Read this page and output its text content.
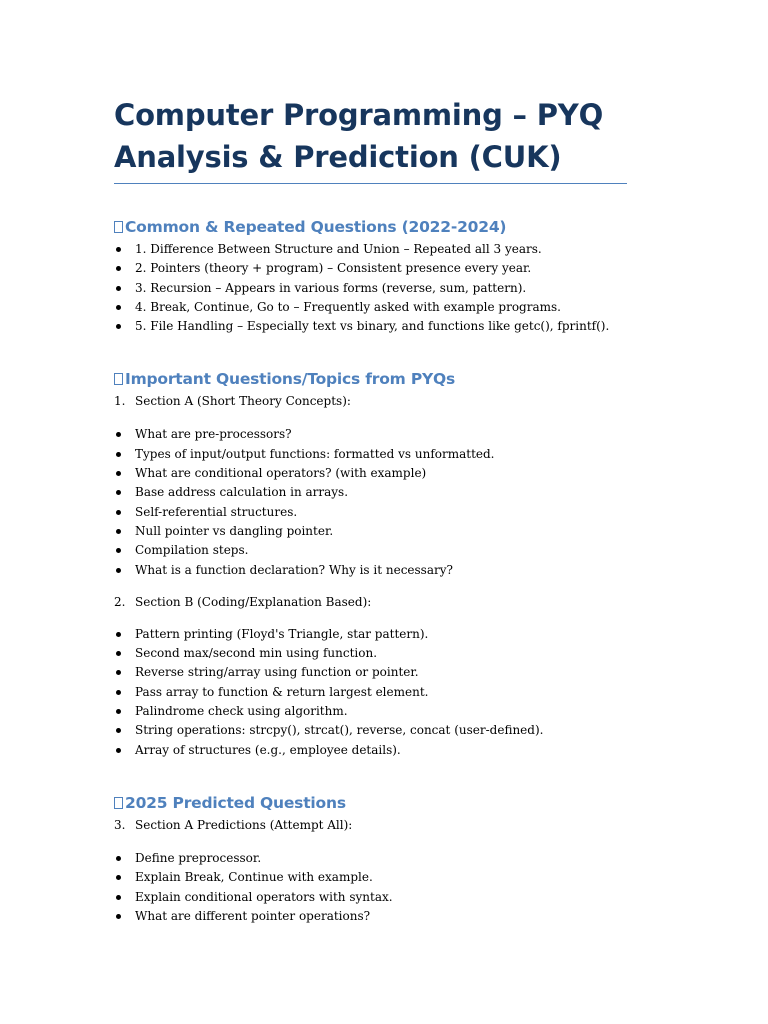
Computer Programming – PYQ Analysis & Prediction (CUK)
Common & Repeated Questions (2022-2024)
1. Difference Between Structure and Union – Repeated all 3 years.
2. Pointers (theory + program) – Consistent presence every year.
3. Recursion – Appears in various forms (reverse, sum, pattern).
4. Break, Continue, Go to – Frequently asked with example programs.
5. File Handling – Especially text vs binary, and functions like getc(), fprintf().
Important Questions/Topics from PYQs
1. Section A (Short Theory Concepts):
What are pre-processors?
Types of input/output functions: formatted vs unformatted.
What are conditional operators? (with example)
Base address calculation in arrays.
Self-referential structures.
Null pointer vs dangling pointer.
Compilation steps.
What is a function declaration? Why is it necessary?
2. Section B (Coding/Explanation Based):
Pattern printing (Floyd's Triangle, star pattern).
Second max/second min using function.
Reverse string/array using function or pointer.
Pass array to function & return largest element.
Palindrome check using algorithm.
String operations: strcpy(), strcat(), reverse, concat (user-defined).
Array of structures (e.g., employee details).
2025 Predicted Questions
3. Section A Predictions (Attempt All):
Define preprocessor.
Explain Break, Continue with example.
Explain conditional operators with syntax.
What are different pointer operations?
